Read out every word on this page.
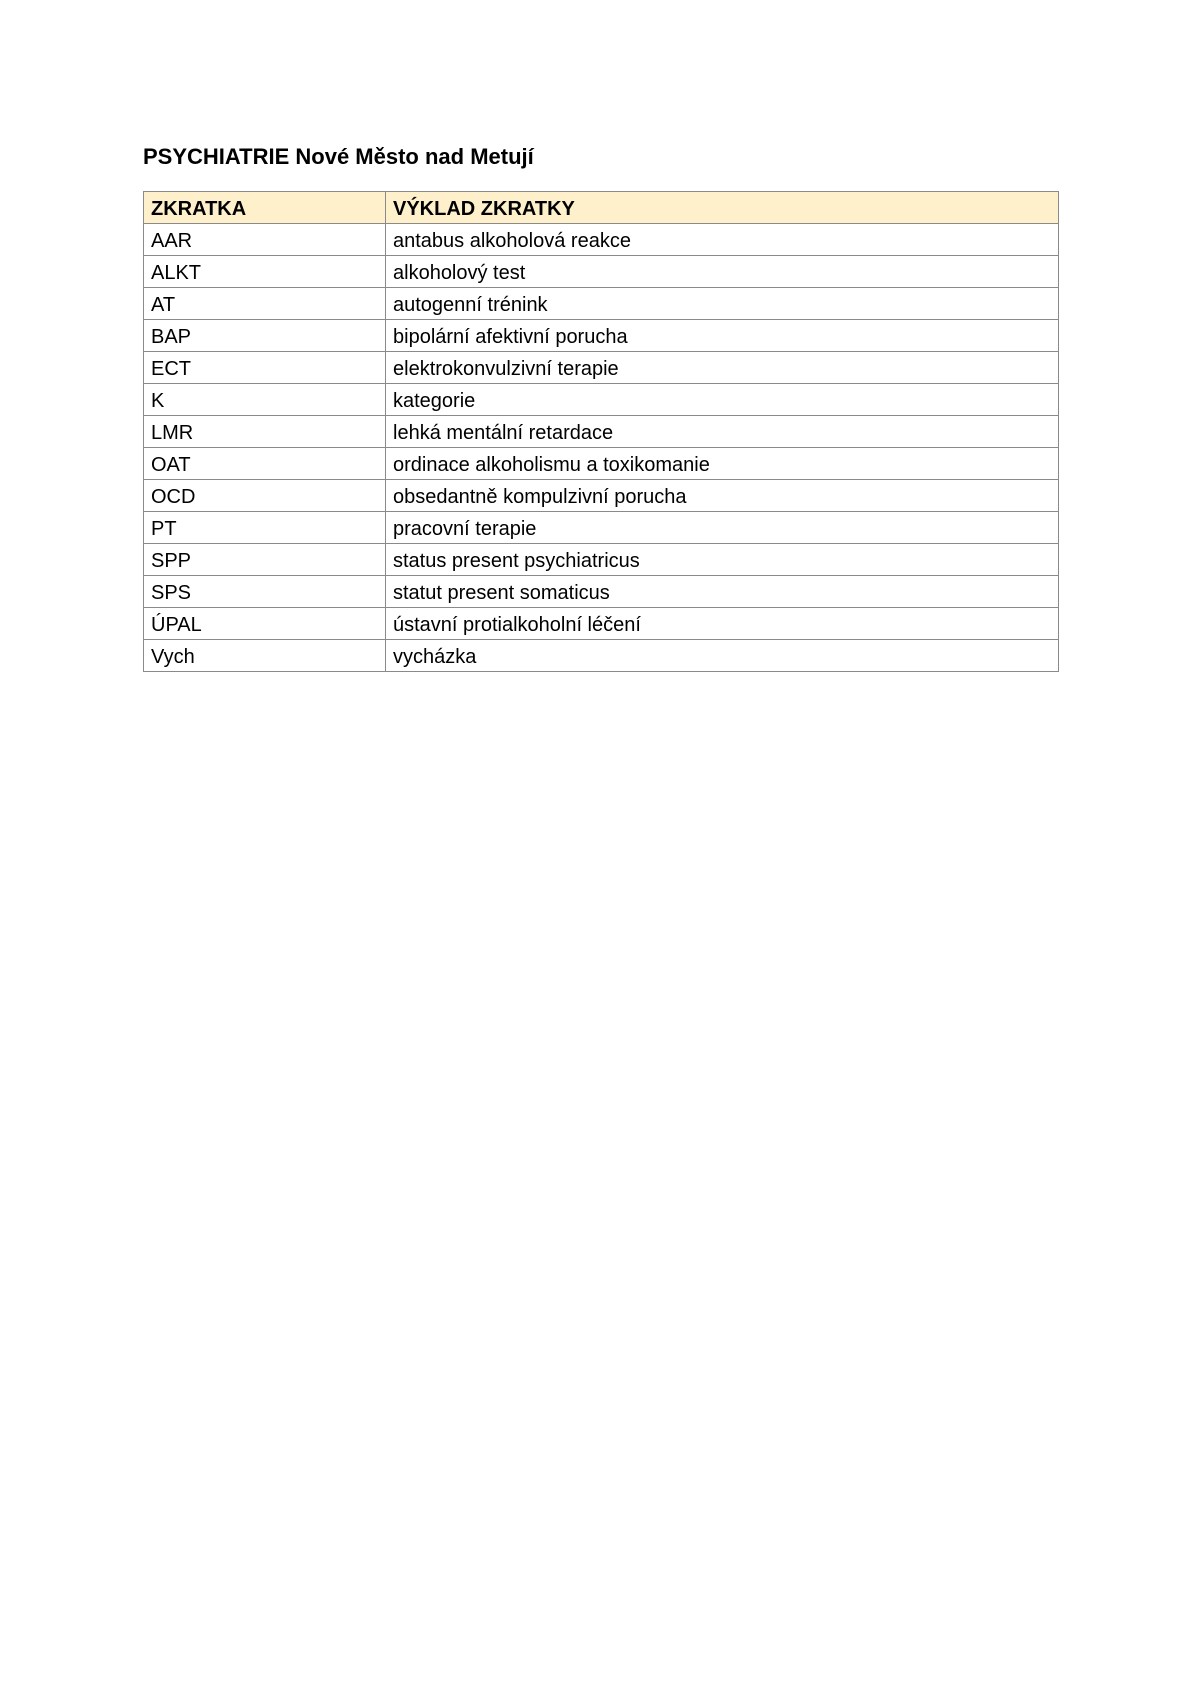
PSYCHIATRIE Nové Město nad Metují
ZKRATKA	VÝKLAD ZKRATKY
AAR	antabus alkoholová reakce
ALKT	alkoholový test
AT	autogenní trénink
BAP	bipolární afektivní porucha
ECT	elektrokonvulzivní terapie
K	kategorie
LMR	lehká mentální retardace
OAT	ordinace alkoholismu a toxikomanie
OCD	obsedantně kompulzivní porucha
PT	pracovní terapie
SPP	status present psychiatricus
SPS	statut present somaticus
ÚPAL	ústavní protialkoholní léčení
Vych	vycházka
